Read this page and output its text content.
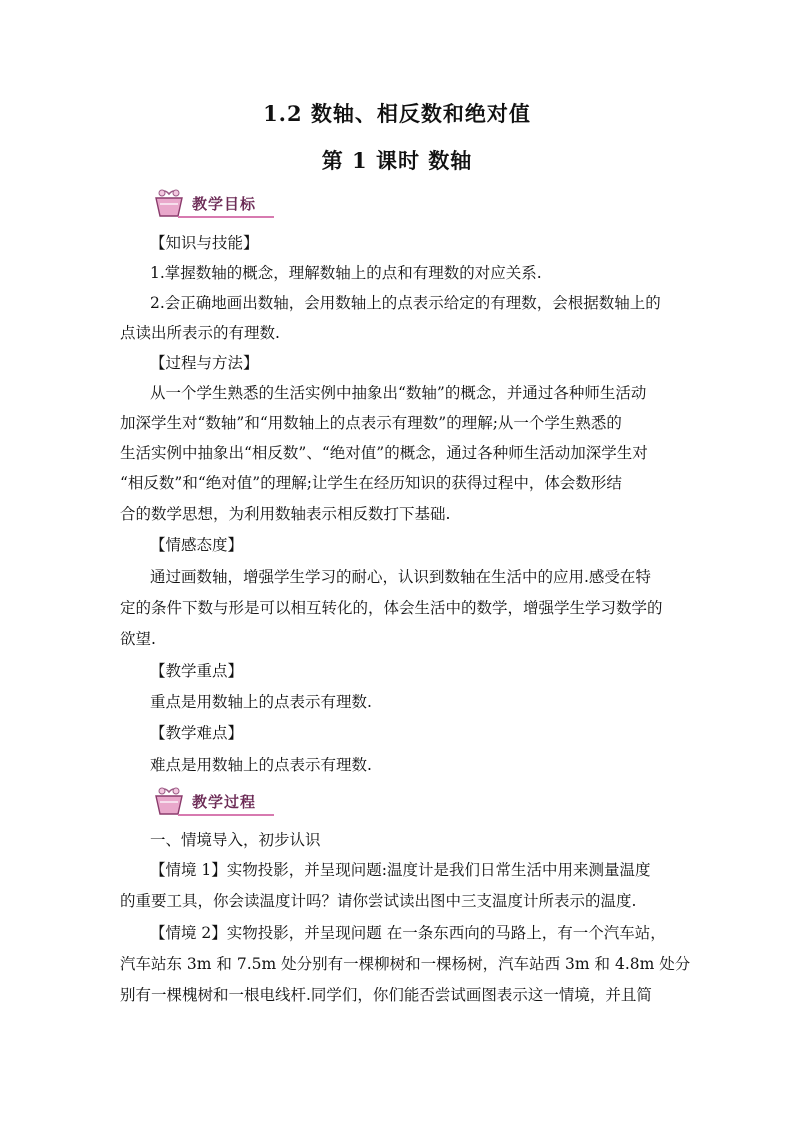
1.2 数轴、相反数和绝对值
第 1 课时 数轴
教学目标
【知识与技能】
1.掌握数轴的概念，理解数轴上的点和有理数的对应关系.
2.会正确地画出数轴，会用数轴上的点表示给定的有理数，会根据数轴上的
点读出所表示的有理数.
【过程与方法】
从一个学生熟悉的生活实例中抽象出“数轴”的概念，并通过各种师生活动
加深学生对“数轴”和“用数轴上的点表示有理数”的理解;从一个学生熟悉的
生活实例中抽象出“相反数”、“绝对值”的概念，通过各种师生活动加深学生对
“相反数”和“绝对值”的理解;让学生在经历知识的获得过程中，体会数形结
合的数学思想，为利用数轴表示相反数打下基础.
【情感态度】
通过画数轴，增强学生学习的耐心，认识到数轴在生活中的应用.感受在特
定的条件下数与形是可以相互转化的，体会生活中的数学，增强学生学习数学的
欲望.
【教学重点】
重点是用数轴上的点表示有理数.
【教学难点】
难点是用数轴上的点表示有理数.
教学过程
一、情境导入，初步认识
【情境 1】实物投影，并呈现问题:温度计是我们日常生活中用来测量温度
的重要工具，你会读温度计吗？请你尝试读出图中三支温度计所表示的温度.
【情境 2】实物投影，并呈现问题 在一条东西向的马路上，有一个汽车站，
汽车站东 3m 和 7.5m 处分别有一棵柳树和一棵杨树，汽车站西 3m 和 4.8m 处分
别有一棵槐树和一根电线杆.同学们，你们能否尝试画图表示这一情境，并且简
